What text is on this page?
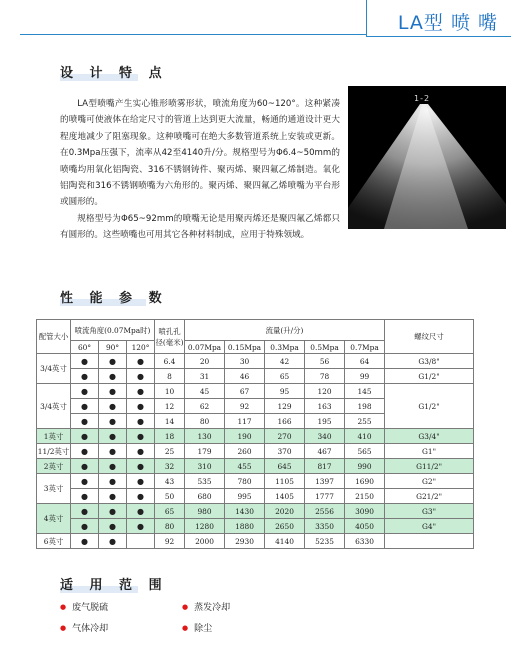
LA型 喷 嘴
设 计 特 点

LA型喷嘴产生实心锥形喷雾形状，喷流角度为60~120°。这种紧凑的喷嘴可使液体在给定尺寸的管道上达到更大流量，畅通的通道设计更大程度地减少了阻塞现象。这种喷嘴可在绝大多数管道系统上安装或更新。在0.3Mpa压强下，流率从42至4140升/分。规格型号为Φ6.4~50mm的喷嘴均用氧化铝陶瓷、316不锈钢铸件、聚丙烯、聚四氟乙烯制造。氧化铝陶瓷和316不锈钢喷嘴为六角形的。聚丙烯、聚四氟乙烯喷嘴为平台形或圆形的。

规格型号为Φ65~92mm的喷嘴无论是用聚丙烯还是聚四氟乙烯都只有圆形的。这些喷嘴也可用其它各种材料制成，应用于特殊领域。

1-2
性 能 参 数
配管大小	喷流角度(0.07Mpa时)			喷孔孔径(毫米)	流量(升/分)					螺纹尺寸
	60°	90°	120°		0.07Mpa	0.15Mpa	0.3Mpa	0.5Mpa	0.7Mpa	
3/4英寸	●	●	●	6.4	20	30	42	56	64	G3/8"
	●	●	●	8	31	46	65	78	99	G1/2"
3/4英寸	●	●	●	10	45	67	95	120	145	G1/2"
	●	●	●	12	62	92	129	163	198	
	●	●	●	14	80	117	166	195	255	
1英寸	●	●	●	18	130	190	270	340	410	G3/4"
11/2英寸	●	●	●	25	179	260	370	467	565	G1"
2英寸	●	●	●	32	310	455	645	817	990	G11/2"
3英寸	●	●	●	43	535	780	1105	1397	1690	G2"
	●	●	●	50	680	995	1405	1777	2150	G21/2"
4英寸	●	●	●	65	980	1430	2020	2556	3090	G3"
	●	●	●	80	1280	1880	2650	3350	4050	G4"
6英寸	●	●		92	2000	2930	4140	5235	6330	
适 用 范 围
● 废气脱硫	● 蒸发冷却
● 气体冷却	● 除尘
